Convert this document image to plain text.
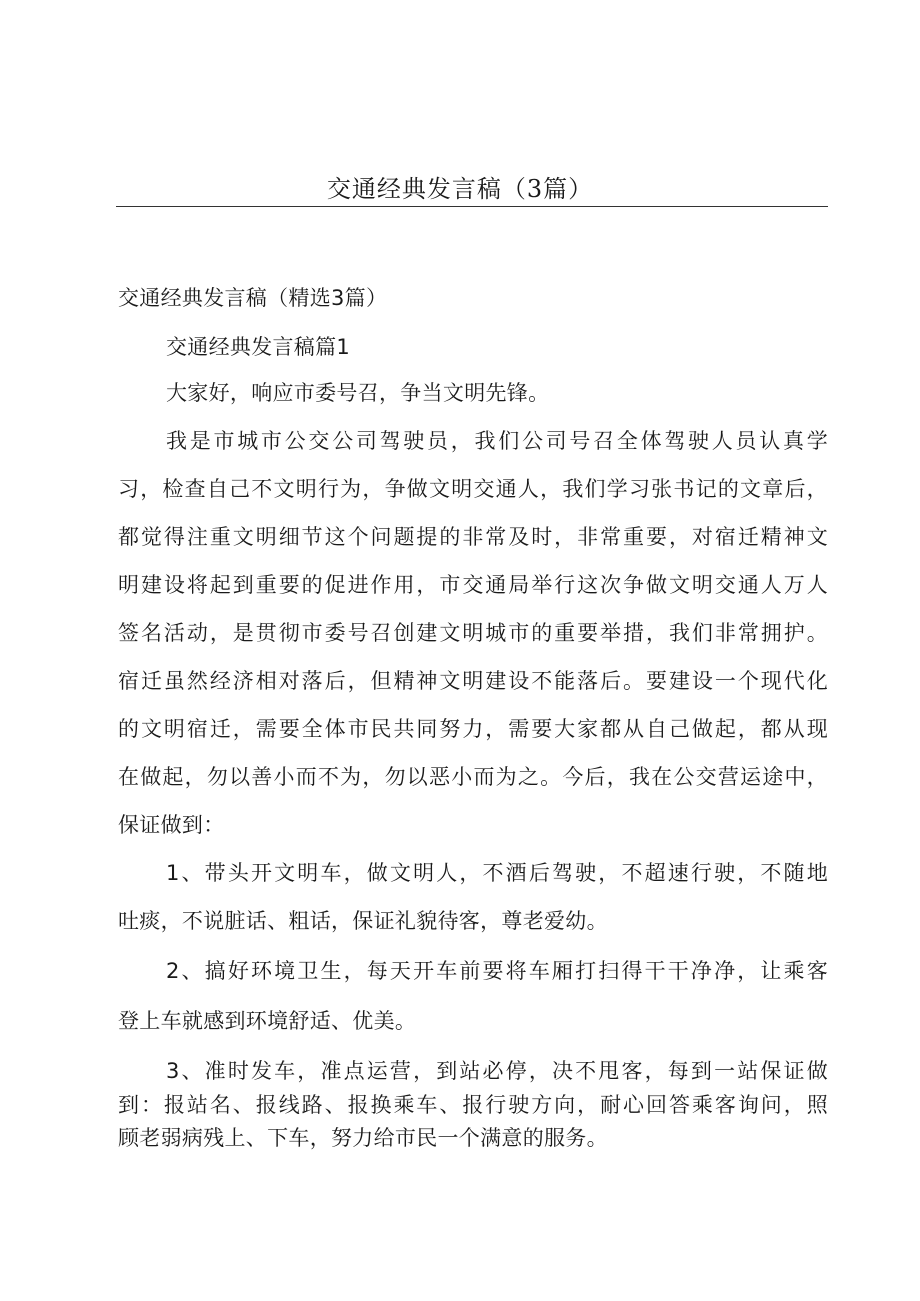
交通经典发言稿（3篇）
交通经典发言稿（精选3篇）
交通经典发言稿篇1
大家好，响应市委号召，争当文明先锋。
我是市城市公交公司驾驶员，我们公司号召全体驾驶人员认真学
习，检查自己不文明行为，争做文明交通人，我们学习张书记的文章后，
都觉得注重文明细节这个问题提的非常及时，非常重要，对宿迁精神文
明建设将起到重要的促进作用，市交通局举行这次争做文明交通人万人
签名活动，是贯彻市委号召创建文明城市的重要举措，我们非常拥护。
宿迁虽然经济相对落后，但精神文明建设不能落后。要建设一个现代化
的文明宿迁，需要全体市民共同努力，需要大家都从自己做起，都从现
在做起，勿以善小而不为，勿以恶小而为之。今后，我在公交营运途中，
保证做到：
1、带头开文明车，做文明人，不酒后驾驶，不超速行驶，不随地
吐痰，不说脏话、粗话，保证礼貌待客，尊老爱幼。
2、搞好环境卫生，每天开车前要将车厢打扫得干干净净，让乘客
登上车就感到环境舒适、优美。
3、准时发车，准点运营，到站必停，决不甩客，每到一站保证做
到：报站名、报线路、报换乘车、报行驶方向，耐心回答乘客询问，照
顾老弱病残上、下车，努力给市民一个满意的服务。
